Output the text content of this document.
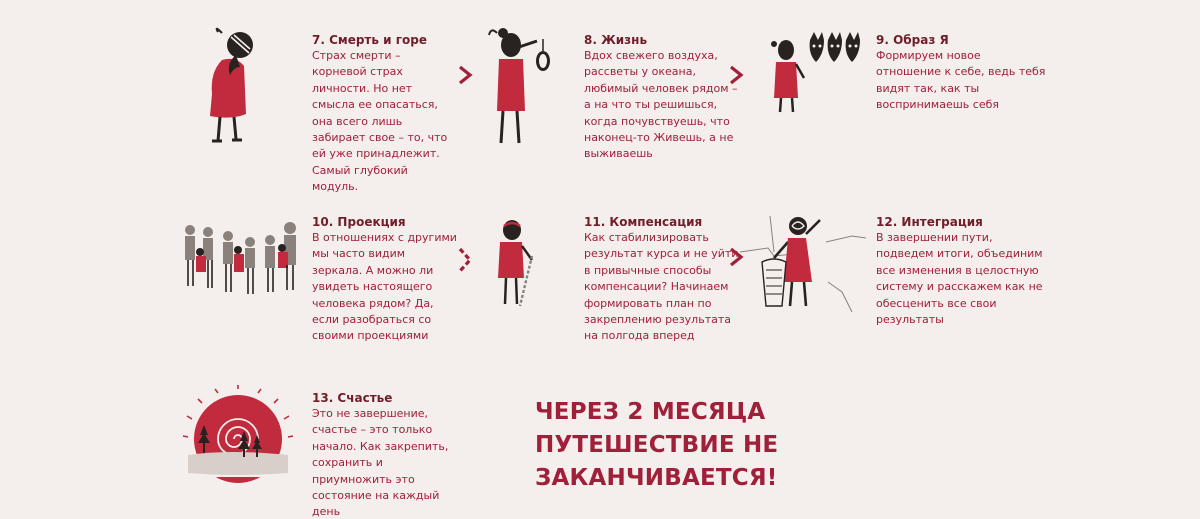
7. Смерть и горе
Страх смерти –
корневой страх
личности. Но нет
смысла ее опасаться,
она всего лишь
забирает свое – то, что
ей уже принадлежит.
Самый глубокий
модуль.
8. Жизнь
Вдох свежего воздуха,
рассветы у океана,
любимый человек рядом –
а на что ты решишься,
когда почувствуешь, что
наконец-то Живешь, а не
выживаешь
9. Образ Я
Формируем новое
отношение к себе, ведь тебя
видят так, как ты
воспринимаешь себя
10. Проекция
В отношениях с другими
мы часто видим
зеркала. А можно ли
увидеть настоящего
человека рядом? Да,
если разобраться со
своими проекциями
11. Компенсация
Как стабилизировать
результат курса и не уйти
в привычные способы
компенсации? Начинаем
формировать план по
закреплению результата
на полгода вперед
12. Интеграция
В завершении пути,
подведем итоги, объединим
все изменения в целостную
систему и расскажем как не
обесценить все свои
результаты
13. Счастье
Это не завершение,
счастье – это только
начало. Как закрепить,
сохранить и
приумножить это
состояние на каждый
день
ЧЕРЕЗ 2 МЕСЯЦА
ПУТЕШЕСТВИЕ НЕ
ЗАКАНЧИВАЕТСЯ!
